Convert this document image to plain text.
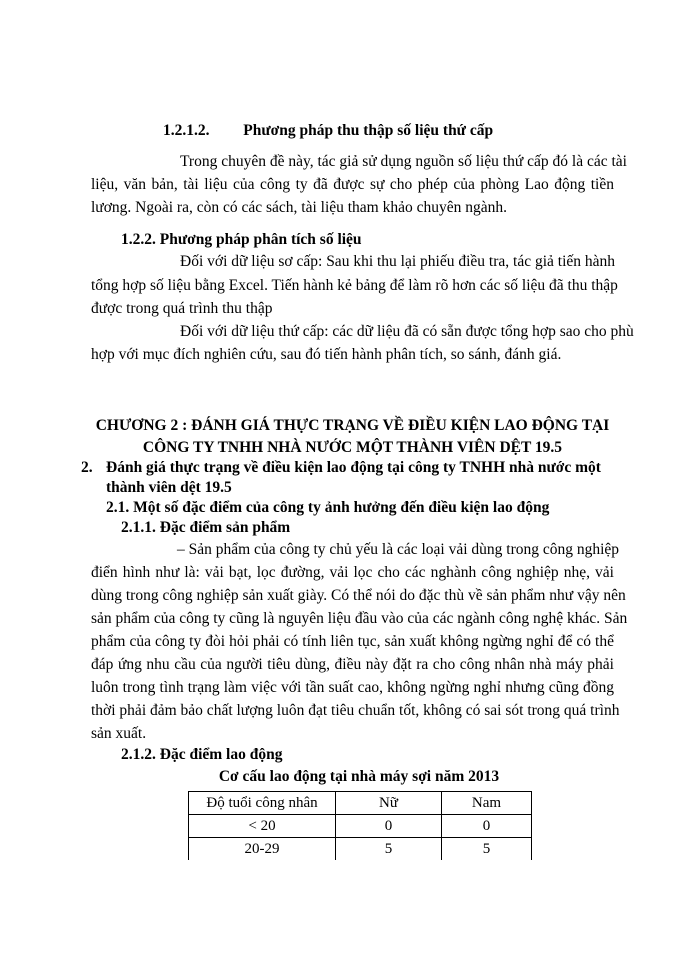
1.2.1.2. Phương pháp thu thập số liệu thứ cấp
Trong chuyên đề này, tác giả sử dụng nguồn số liệu thứ cấp đó là các tài
liệu, văn bản, tài liệu của công ty đã được sự cho phép của phòng Lao động tiền
lương. Ngoài ra, còn có các sách, tài liệu tham khảo chuyên ngành.
1.2.2. Phương pháp phân tích số liệu
Đối với dữ liệu sơ cấp: Sau khi thu lại phiếu điều tra, tác giả tiến hành
tổng hợp số liệu bằng Excel. Tiến hành kẻ bảng để làm rõ hơn các số liệu đã thu thập
được trong quá trình thu thập
Đối với dữ liệu thứ cấp: các dữ liệu đã có sẵn được tổng hợp sao cho phù
hợp với mục đích nghiên cứu, sau đó tiến hành phân tích, so sánh, đánh giá.
CHƯƠNG 2 : ĐÁNH GIÁ THỰC TRẠNG VỀ ĐIỀU KIỆN LAO ĐỘNG TẠI
CÔNG TY TNHH NHÀ NƯỚC MỘT THÀNH VIÊN DỆT 19.5
2. Đánh giá thực trạng về điều kiện lao động tại công ty TNHH nhà nước một
thành viên dệt 19.5
2.1. Một số đặc điểm của công ty ảnh hưởng đến điều kiện lao động
2.1.1. Đặc điểm sản phẩm
‒ Sản phẩm của công ty chủ yếu là các loại vải dùng trong công nghiệp
điển hình như là: vải bạt, lọc đường, vải lọc cho các nghành công nghiệp nhẹ, vải
dùng trong công nghiệp sản xuất giày. Có thể nói do đặc thù về sản phẩm như vậy nên
sản phẩm của công ty cũng là nguyên liệu đầu vào của các ngành công nghệ khác. Sản
phẩm của công ty đòi hỏi phải có tính liên tục, sản xuất không ngừng nghỉ để có thể
đáp ứng nhu cầu của người tiêu dùng, điều này đặt ra cho công nhân nhà máy phải
luôn trong tình trạng làm việc với tần suất cao, không ngừng nghỉ nhưng cũng đồng
thời phải đảm bảo chất lượng luôn đạt tiêu chuẩn tốt, không có sai sót trong quá trình
sản xuất.
2.1.2. Đặc điểm lao động
Cơ cấu lao động tại nhà máy sợi năm 2013
Độ tuổi công nhân	Nữ	Nam
< 20	0	0
20-29	5	5
